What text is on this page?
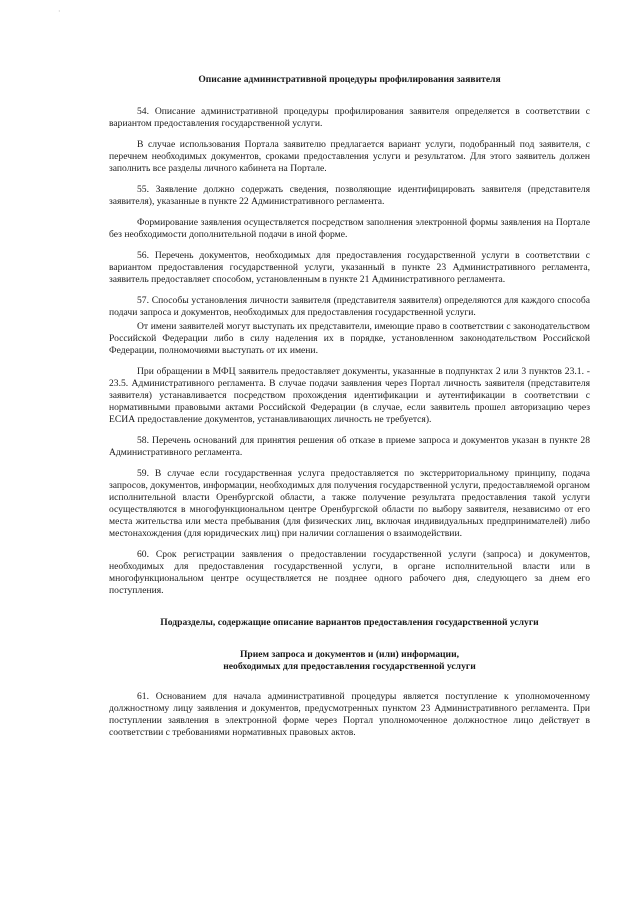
·
Описание административной процедуры профилирования заявителя

54. Описание административной процедуры профилирования заявителя определяется в соответствии с вариантом предоставления государственной услуги.

В случае использования Портала заявителю предлагается вариант услуги, подобранный под заявителя, с перечнем необходимых документов, сроками предоставления услуги и результатом. Для этого заявитель должен заполнить все разделы личного кабинета на Портале.

55. Заявление должно содержать сведения, позволяющие идентифицировать заявителя (представителя заявителя), указанные в пункте 22 Административного регламента.

Формирование заявления осуществляется посредством заполнения электронной формы заявления на Портале без необходимости дополнительной подачи в иной форме.

56. Перечень документов, необходимых для предоставления государственной услуги в соответствии с вариантом предоставления государственной услуги, указанный в пункте 23 Административного регламента, заявитель предоставляет способом, установленным в пункте 21 Административного регламента.

57. Способы установления личности заявителя (представителя заявителя) определяются для каждого способа подачи запроса и документов, необходимых для предоставления государственной услуги.

От имени заявителей могут выступать их представители, имеющие право в соответствии с законодательством Российской Федерации либо в силу наделения их в порядке, установленном законодательством Российской Федерации, полномочиями выступать от их имени.

При обращении в МФЦ заявитель предоставляет документы, указанные в подпунктах 2 или 3 пунктов 23.1. - 23.5. Административного регламента. В случае подачи заявления через Портал личность заявителя (представителя заявителя) устанавливается посредством прохождения идентификации и аутентификации в соответствии с нормативными правовыми актами Российской Федерации (в случае, если заявитель прошел авторизацию через ЕСИА предоставление документов, устанавливающих личность не требуется).

58. Перечень оснований для принятия решения об отказе в приеме запроса и документов указан в пункте 28 Административного регламента.

59. В случае если государственная услуга предоставляется по экстерриториальному принципу, подача запросов, документов, информации, необходимых для получения государственной услуги, предоставляемой органом исполнительной власти Оренбургской области, а также получение результата предоставления такой услуги осуществляются в многофункциональном центре Оренбургской области по выбору заявителя, независимо от его места жительства или места пребывания (для физических лиц, включая индивидуальных предпринимателей) либо местонахождения (для юридических лиц) при наличии соглашения о взаимодействии.

60. Срок регистрации заявления о предоставлении государственной услуги (запроса) и документов, необходимых для предоставления государственной услуги, в органе исполнительной власти или в многофункциональном центре осуществляется не позднее одного рабочего дня, следующего за днем его поступления.

Подразделы, содержащие описание вариантов предоставления государственной услуги
Прием запроса и документов и (или) информации,
необходимых для предоставления государственной услуги

61. Основанием для начала административной процедуры является поступление к уполномоченному должностному лицу заявления и документов, предусмотренных пунктом 23 Административного регламента. При поступлении заявления в электронной форме через Портал уполномоченное должностное лицо действует в соответствии с требованиями нормативных правовых актов.
